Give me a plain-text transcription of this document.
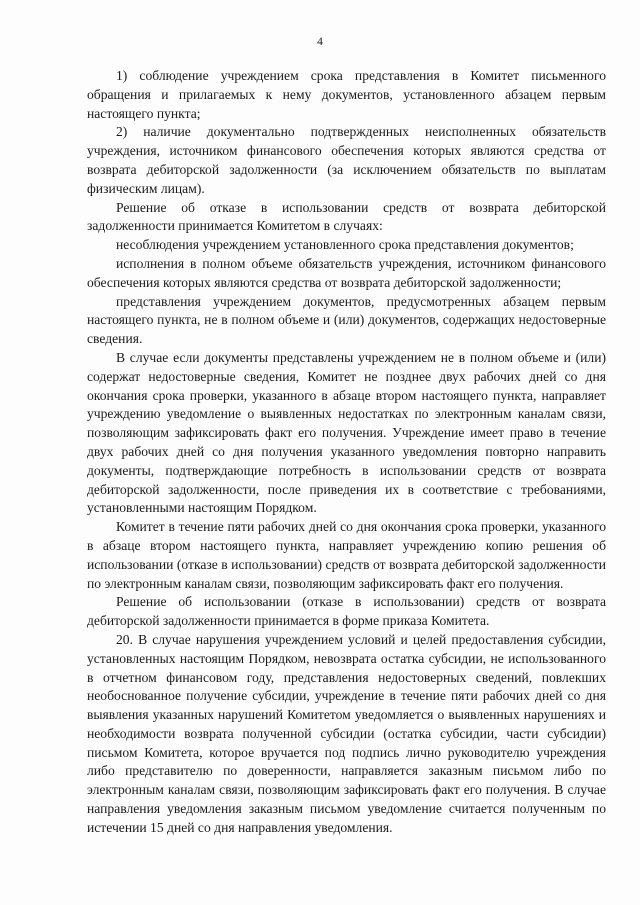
4

1) соблюдение учреждением срока представления в Комитет письменного обращения и прилагаемых к нему документов, установленного абзацем первым настоящего пункта;

2) наличие документально подтвержденных неисполненных обязательств учреждения, источником финансового обеспечения которых являются средства от возврата дебиторской задолженности (за исключением обязательств по выплатам физическим лицам).

Решение об отказе в использовании средств от возврата дебиторской задолженности принимается Комитетом в случаях:

несоблюдения учреждением установленного срока представления документов;

исполнения в полном объеме обязательств учреждения, источником финансового обеспечения которых являются средства от возврата дебиторской задолженности;

представления учреждением документов, предусмотренных абзацем первым настоящего пункта, не в полном объеме и (или) документов, содержащих недостоверные сведения.

В случае если документы представлены учреждением не в полном объеме и (или) содержат недостоверные сведения, Комитет не позднее двух рабочих дней со дня окончания срока проверки, указанного в абзаце втором настоящего пункта, направляет учреждению уведомление о выявленных недостатках по электронным каналам связи, позволяющим зафиксировать факт его получения. Учреждение имеет право в течение двух рабочих дней со дня получения указанного уведомления повторно направить документы, подтверждающие потребность в использовании средств от возврата дебиторской задолженности, после приведения их в соответствие с требованиями, установленными настоящим Порядком.

Комитет в течение пяти рабочих дней со дня окончания срока проверки, указанного в абзаце втором настоящего пункта, направляет учреждению копию решения об использовании (отказе в использовании) средств от возврата дебиторской задолженности по электронным каналам связи, позволяющим зафиксировать факт его получения.

Решение об использовании (отказе в использовании) средств от возврата дебиторской задолженности принимается в форме приказа Комитета.

20. В случае нарушения учреждением условий и целей предоставления субсидии, установленных настоящим Порядком, невозврата остатка субсидии, не использованного в отчетном финансовом году, представления недостоверных сведений, повлекших необоснованное получение субсидии, учреждение в течение пяти рабочих дней со дня выявления указанных нарушений Комитетом уведомляется о выявленных нарушениях и необходимости возврата полученной субсидии (остатка субсидии, части субсидии) письмом Комитета, которое вручается под подпись лично руководителю учреждения либо представителю по доверенности, направляется заказным письмом либо по электронным каналам связи, позволяющим зафиксировать факт его получения. В случае направления уведомления заказным письмом уведомление считается полученным по истечении 15 дней со дня направления уведомления.
